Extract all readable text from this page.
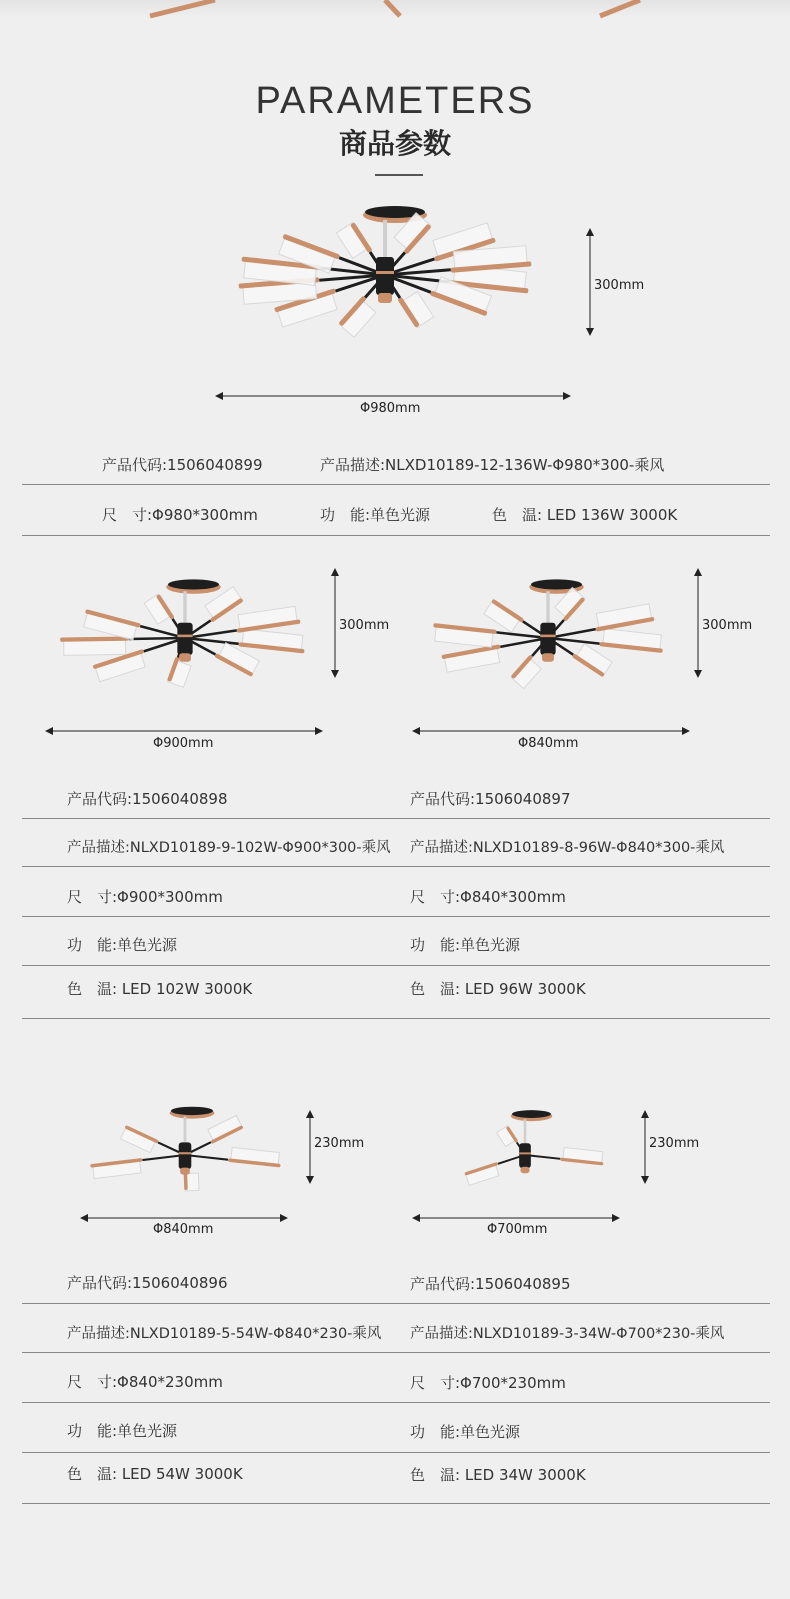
PARAMETERS
商品参数
300mm
Φ980mm
产品代码:1506040899	产品描述:NLXD10189-12-136W-Φ980*300-乘风
尺　寸:Φ980*300mm	功　能:单色光源	色　温: LED 136W 3000K
300mm
Φ900mm
300mm
Φ840mm
产品代码:1506040898	产品代码:1506040897
产品描述:NLXD10189-9-102W-Φ900*300-乘风 产品描述:NLXD10189-8-96W-Φ840*300-乘风
尺　寸:Φ900*300mm	尺　寸:Φ840*300mm
功　能:单色光源	功　能:单色光源
色　温: LED 102W 3000K	色　温: LED 96W 3000K
230mm
Φ840mm
230mm
Φ700mm
产品代码:1506040896	产品代码:1506040895
产品描述:NLXD10189-5-54W-Φ840*230-乘风 产品描述:NLXD10189-3-34W-Φ700*230-乘风
尺　寸:Φ840*230mm	尺　寸:Φ700*230mm
功　能:单色光源	功　能:单色光源
色　温: LED 54W 3000K	色　温: LED 34W 3000K
